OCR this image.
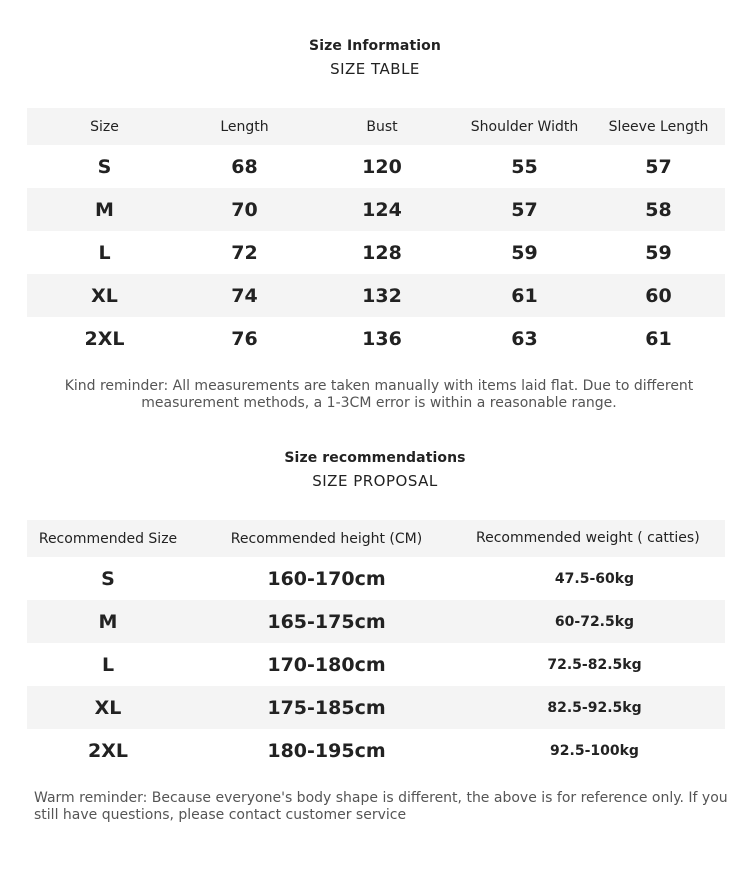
Size Information
SIZE TABLE
Size	Length	Bust	Shoulder Width	Sleeve Length
S	68	120	55	57
M	70	124	57	58
L	72	128	59	59
XL	74	132	61	60
2XL	76	136	63	61
Kind reminder: All measurements are taken manually with items laid flat. Due to different measurement methods, a 1-3CM error is within a reasonable range.
Size recommendations
SIZE PROPOSAL
Recommended Size	Recommended height (CM)	Recommended weight ( catties)
S	160-170cm	47.5-60kg
M	165-175cm	60-72.5kg
L	170-180cm	72.5-82.5kg
XL	175-185cm	82.5-92.5kg
2XL	180-195cm	92.5-100kg
Warm reminder: Because everyone's body shape is different, the above is for reference only. If you still have questions, please contact customer service
